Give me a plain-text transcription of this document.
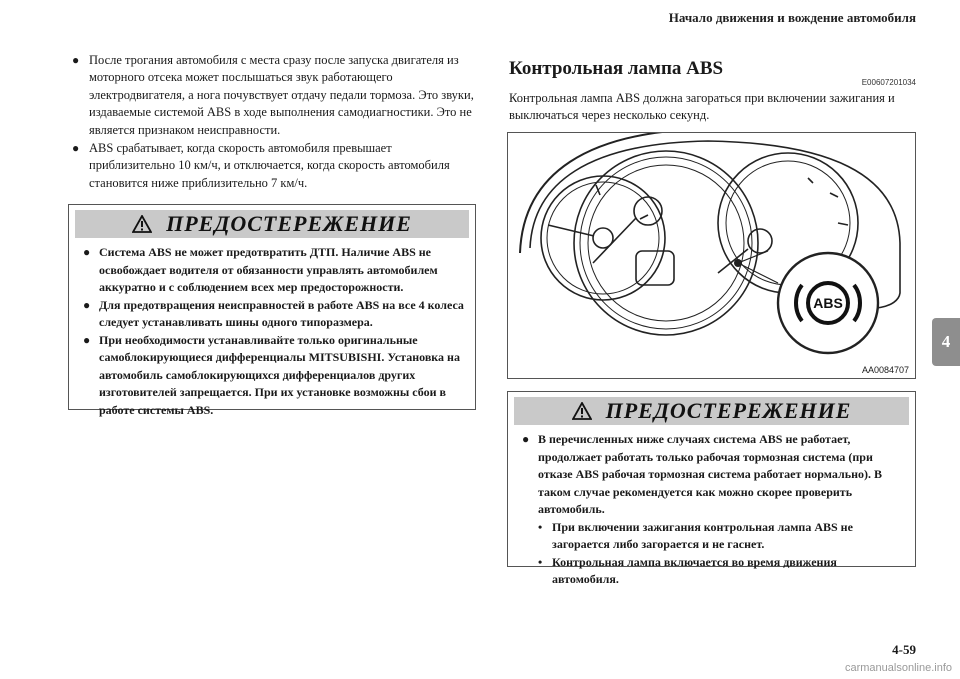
Начало движения и вождение автомобиля
4
● После трогания автомобиля с места сразу после запуска двигателя из моторного отсека может послышаться звук работающего электродвигателя, а нога почувствует отдачу педали тормоза. Это звуки, издаваемые системой ABS в ходе выполнения самодиагностики. Это не является признаком неисправности.
● ABS срабатывает, когда скорость автомобиля превышает приблизительно 10 км/ч, и отключается, когда скорость автомобиля становится ниже приблизительно 7 км/ч.
ПРЕДОСТЕРЕЖЕНИЕ
● Система ABS не может предотвратить ДТП. Наличие ABS не освобождает водителя от обязанности управлять автомобилем аккуратно и с соблюдением всех мер предосторожности.
● Для предотвращения неисправностей в работе ABS на все 4 колеса следует устанавливать шины одного типоразмера.
● При необходимости устанавливайте только оригинальные самоблокирующиеся дифференциалы MITSUBISHI. Установка на автомобиль самоблокирующихся дифференциалов других изготовителей запрещается. При их установке возможны сбои в работе системы ABS.
Контрольная лампа ABS
E00607201034
Контрольная лампа ABS должна загораться при включении зажигания и выключаться через несколько секунд.
ABS
AA0084707
ПРЕДОСТЕРЕЖЕНИЕ
● В перечисленных ниже случаях система ABS не работает, продолжает работать только рабочая тормозная система (при отказе ABS рабочая тормозная система работает нормально). В таком случае рекомендуется как можно скорее проверить автомобиль.
• При включении зажигания контрольная лампа ABS не загорается либо загорается и не гаснет.
• Контрольная лампа включается во время движения автомобиля.
4-59
carmanualsonline.info
